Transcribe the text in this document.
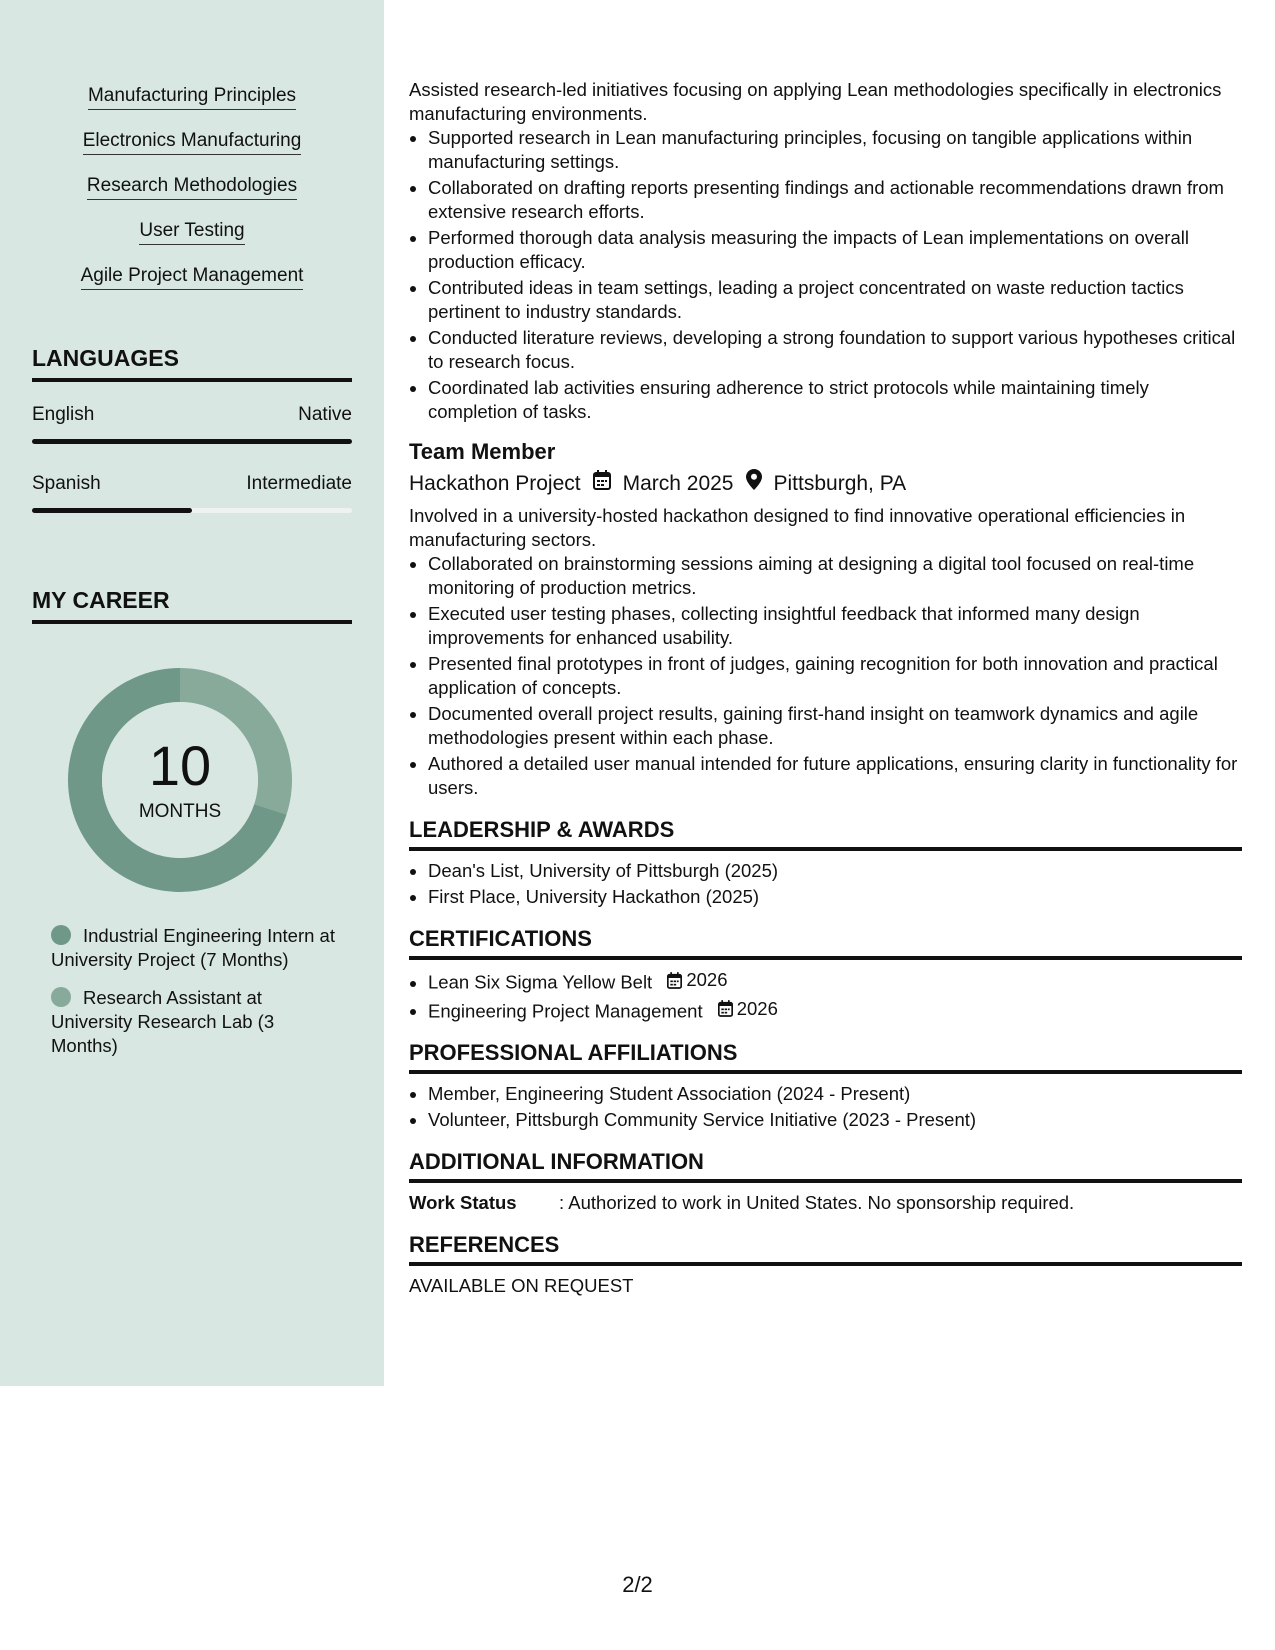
Manufacturing Principles
Electronics Manufacturing
Research Methodologies
User Testing
Agile Project Management
LANGUAGES
English	Native
Spanish	Intermediate
MY CAREER
10
MONTHS
Industrial Engineering Intern at University Project (7 Months)
Research Assistant at University Research Lab (3 Months)

Assisted research-led initiatives focusing on applying Lean methodologies specifically in electronics manufacturing environments.

• Supported research in Lean manufacturing principles, focusing on tangible applications within manufacturing settings.
• Collaborated on drafting reports presenting findings and actionable recommendations drawn from extensive research efforts.
• Performed thorough data analysis measuring the impacts of Lean implementations on overall production efficacy.
• Contributed ideas in team settings, leading a project concentrated on waste reduction tactics pertinent to industry standards.
• Conducted literature reviews, developing a strong foundation to support various hypotheses critical to research focus.
• Coordinated lab activities ensuring adherence to strict protocols while maintaining timely completion of tasks.
Team Member
Hackathon Project March 2025 Pittsburgh, PA

Involved in a university-hosted hackathon designed to find innovative operational efficiencies in manufacturing sectors.

• Collaborated on brainstorming sessions aiming at designing a digital tool focused on real-time monitoring of production metrics.
• Executed user testing phases, collecting insightful feedback that informed many design improvements for enhanced usability.
• Presented final prototypes in front of judges, gaining recognition for both innovation and practical application of concepts.
• Documented overall project results, gaining first-hand insight on teamwork dynamics and agile methodologies present within each phase.
• Authored a detailed user manual intended for future applications, ensuring clarity in functionality for users.
LEADERSHIP & AWARDS
• Dean's List, University of Pittsburgh (2025)
• First Place, University Hackathon (2025)
CERTIFICATIONS
• Lean Six Sigma Yellow Belt 2026
• Engineering Project Management 2026
PROFESSIONAL AFFILIATIONS
• Member, Engineering Student Association (2024 - Present)
• Volunteer, Pittsburgh Community Service Initiative (2023 - Present)
ADDITIONAL INFORMATION
Work Status	: Authorized to work in United States. No sponsorship required.
REFERENCES

AVAILABLE ON REQUEST

2/2
